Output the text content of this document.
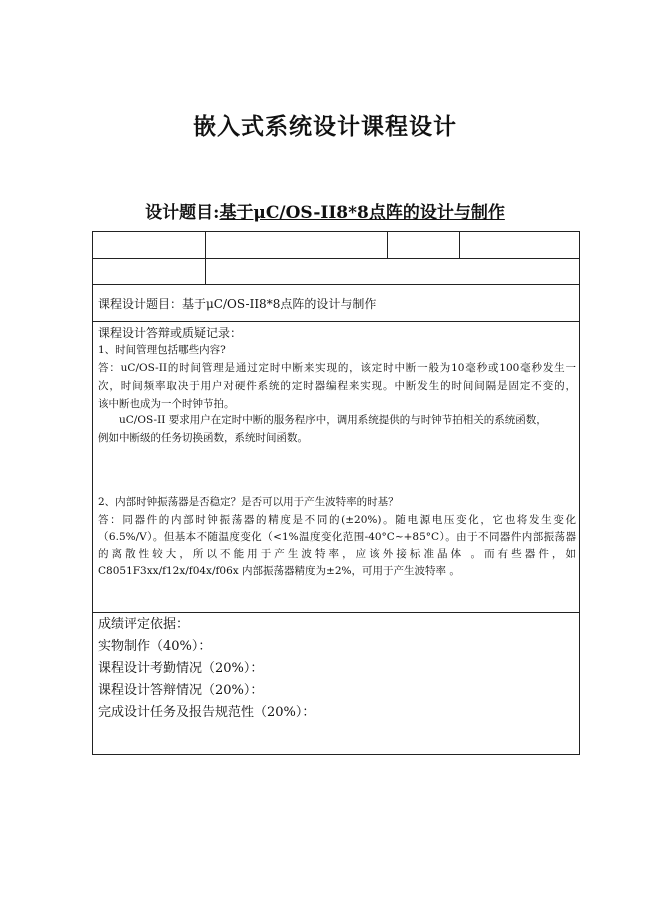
嵌入式系统设计课程设计
设计题目:基于μC/OS-II8*8点阵的设计与制作
课程设计题目：基于μC/OS-II8*8点阵的设计与制作
课程设计答辩或质疑记录：
1、时间管理包括哪些内容?
答：uC/OS-II的时间管理是通过定时中断来实现的，该定时中断一般为10毫秒或100毫秒发生一
次，时间频率取决于用户对硬件系统的定时器编程来实现。中断发生的时间间隔是固定不变的，
该中断也成为一个时钟节拍。
uC/OS-II 要求用户在定时中断的服务程序中，调用系统提供的与时钟节拍相关的系统函数，
例如中断级的任务切换函数，系统时间函数。
2、内部时钟振荡器是否稳定？是否可以用于产生波特率的时基？
答：同器件的内部时钟振荡器的精度是不同的(±20%)。随电源电压变化，它也将发生变化
（6.5%/V）。但基本不随温度变化（<1%温度变化范围-40°C~+85°C）。由于不同器件内部振荡器
的离散性较大，所以不能用于产生波特率，应该外接标准晶体 。而有些器件，如
C8051F3xx/f12x/f04x/f06x 内部振荡器精度为±2%，可用于产生波特率 。
成绩评定依据：
实物制作（40%）：
课程设计考勤情况（20%）：
课程设计答辩情况（20%）：
完成设计任务及报告规范性（20%）：
